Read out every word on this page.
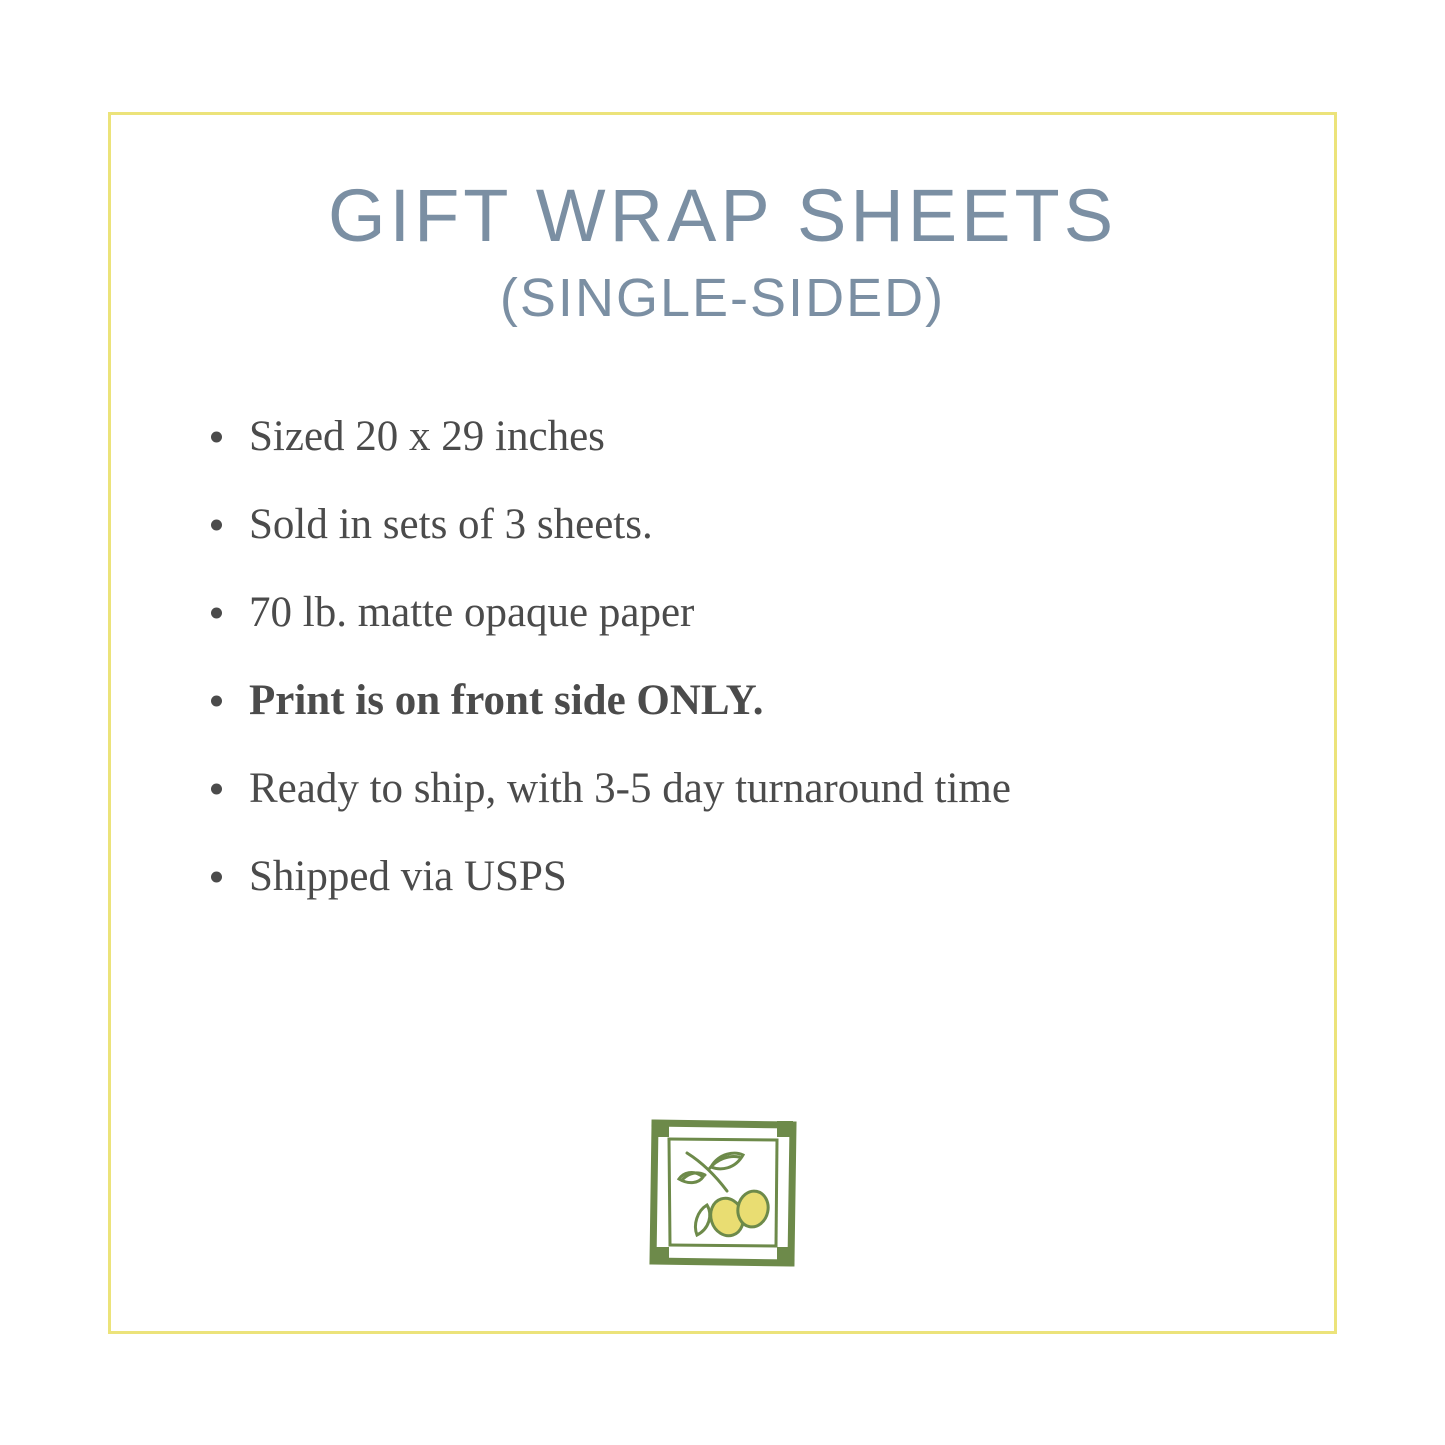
GIFT WRAP SHEETS
(SINGLE-SIDED)
Sized 20 x 29 inches
Sold in sets of 3 sheets.
70 lb. matte opaque paper
Print is on front side ONLY.
Ready to ship, with 3-5 day turnaround time
Shipped via USPS
